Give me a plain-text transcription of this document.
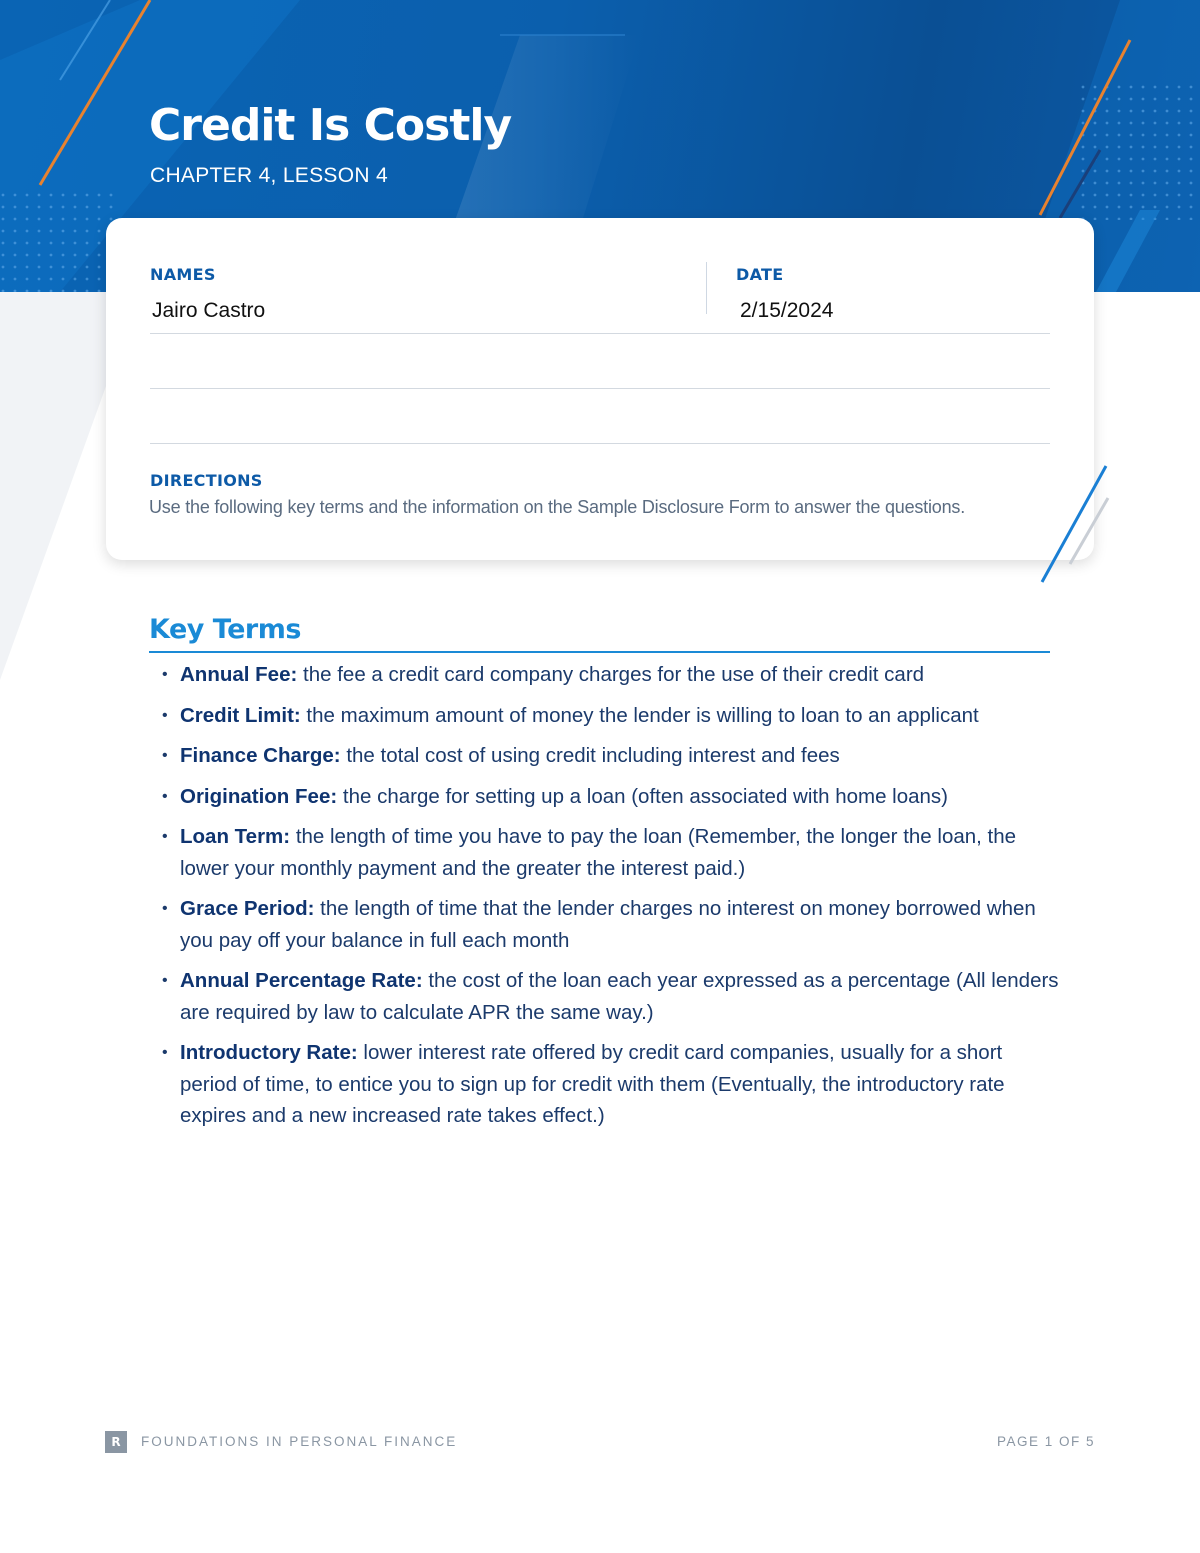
Credit Is Costly
CHAPTER 4, LESSON 4
NAMES
Jairo Castro
DATE
2/15/2024
DIRECTIONS
Use the following key terms and the information on the Sample Disclosure Form to answer the questions.
Key Terms
• Annual Fee: the fee a credit card company charges for the use of their credit card
• Credit Limit: the maximum amount of money the lender is willing to loan to an applicant
• Finance Charge: the total cost of using credit including interest and fees
• Origination Fee: the charge for setting up a loan (often associated with home loans)
• Loan Term: the length of time you have to pay the loan (Remember, the longer the loan, the lower your monthly payment and the greater the interest paid.)
• Grace Period: the length of time that the lender charges no interest on money borrowed when you pay off your balance in full each month
• Annual Percentage Rate: the cost of the loan each year expressed as a percentage (All lenders are required by law to calculate APR the same way.)
• Introductory Rate: lower interest rate offered by credit card companies, usually for a short period of time, to entice you to sign up for credit with them (Eventually, the introductory rate expires and a new increased rate takes effect.)
R	FOUNDATIONS IN PERSONAL FINANCE	PAGE 1 OF 5
